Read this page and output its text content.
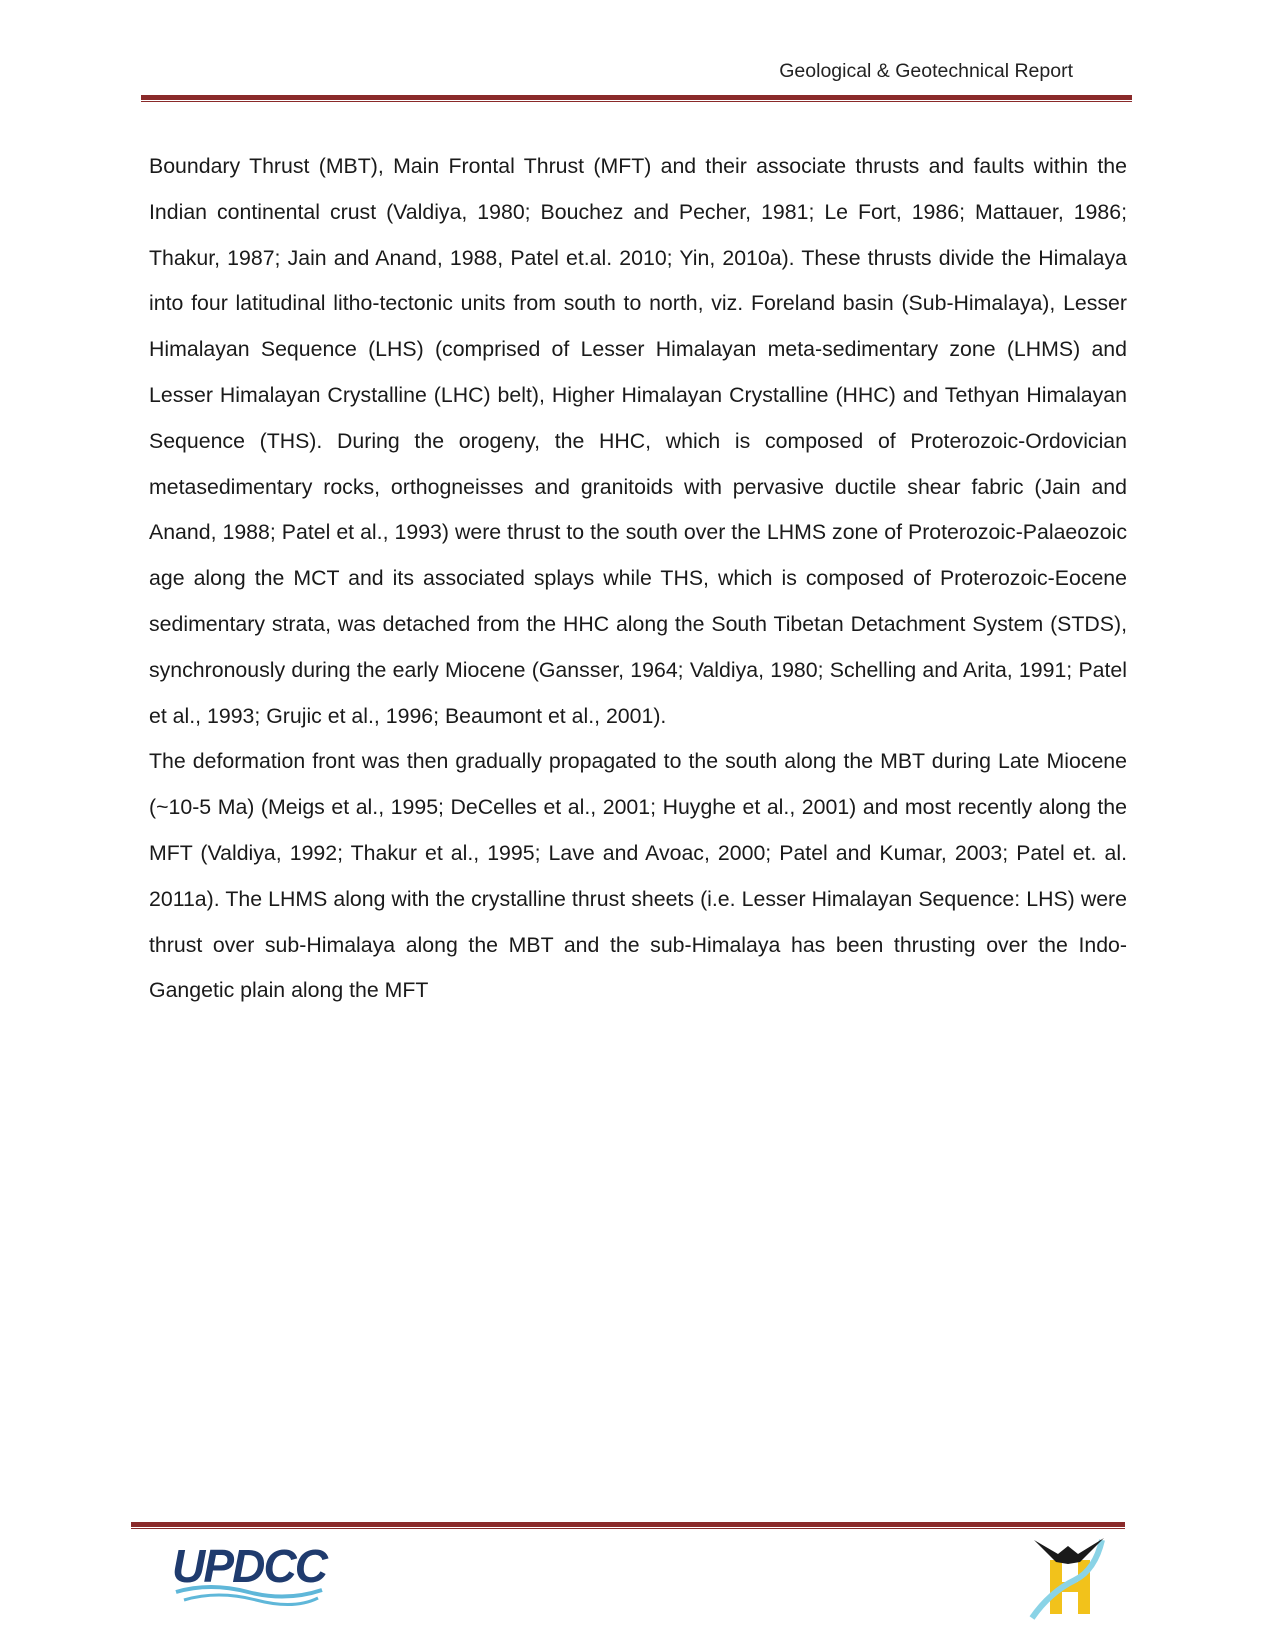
Geological & Geotechnical Report

Boundary Thrust (MBT), Main Frontal Thrust (MFT) and their associate thrusts and faults within the Indian continental crust (Valdiya, 1980; Bouchez and Pecher, 1981; Le Fort, 1986; Mattauer, 1986; Thakur, 1987; Jain and Anand, 1988, Patel et.al. 2010; Yin, 2010a). These thrusts divide the Himalaya into four latitudinal litho-tectonic units from south to north, viz. Foreland basin (Sub-Himalaya), Lesser Himalayan Sequence (LHS) (comprised of Lesser Himalayan meta-sedimentary zone (LHMS) and Lesser Himalayan Crystalline (LHC) belt), Higher Himalayan Crystalline (HHC) and Tethyan Himalayan Sequence (THS). During the orogeny, the HHC, which is composed of Proterozoic-Ordovician metasedimentary rocks, orthogneisses and granitoids with pervasive ductile shear fabric (Jain and Anand, 1988; Patel et al., 1993) were thrust to the south over the LHMS zone of Proterozoic-Palaeozoic age along the MCT and its associated splays while THS, which is composed of Proterozoic-Eocene sedimentary strata, was detached from the HHC along the South Tibetan Detachment System (STDS), synchronously during the early Miocene (Gansser, 1964; Valdiya, 1980; Schelling and Arita, 1991; Patel et al., 1993; Grujic et al., 1996; Beaumont et al., 2001).

The deformation front was then gradually propagated to the south along the MBT during Late Miocene (~10-5 Ma) (Meigs et al., 1995; DeCelles et al., 2001; Huyghe et al., 2001) and most recently along the MFT (Valdiya, 1992; Thakur et al., 1995; Lave and Avoac, 2000; Patel and Kumar, 2003; Patel et. al. 2011a). The LHMS along with the crystalline thrust sheets (i.e. Lesser Himalayan Sequence: LHS) were thrust over sub-Himalaya along the MBT and the sub-Himalaya has been thrusting over the Indo-Gangetic plain along the MFT

UPDCC
